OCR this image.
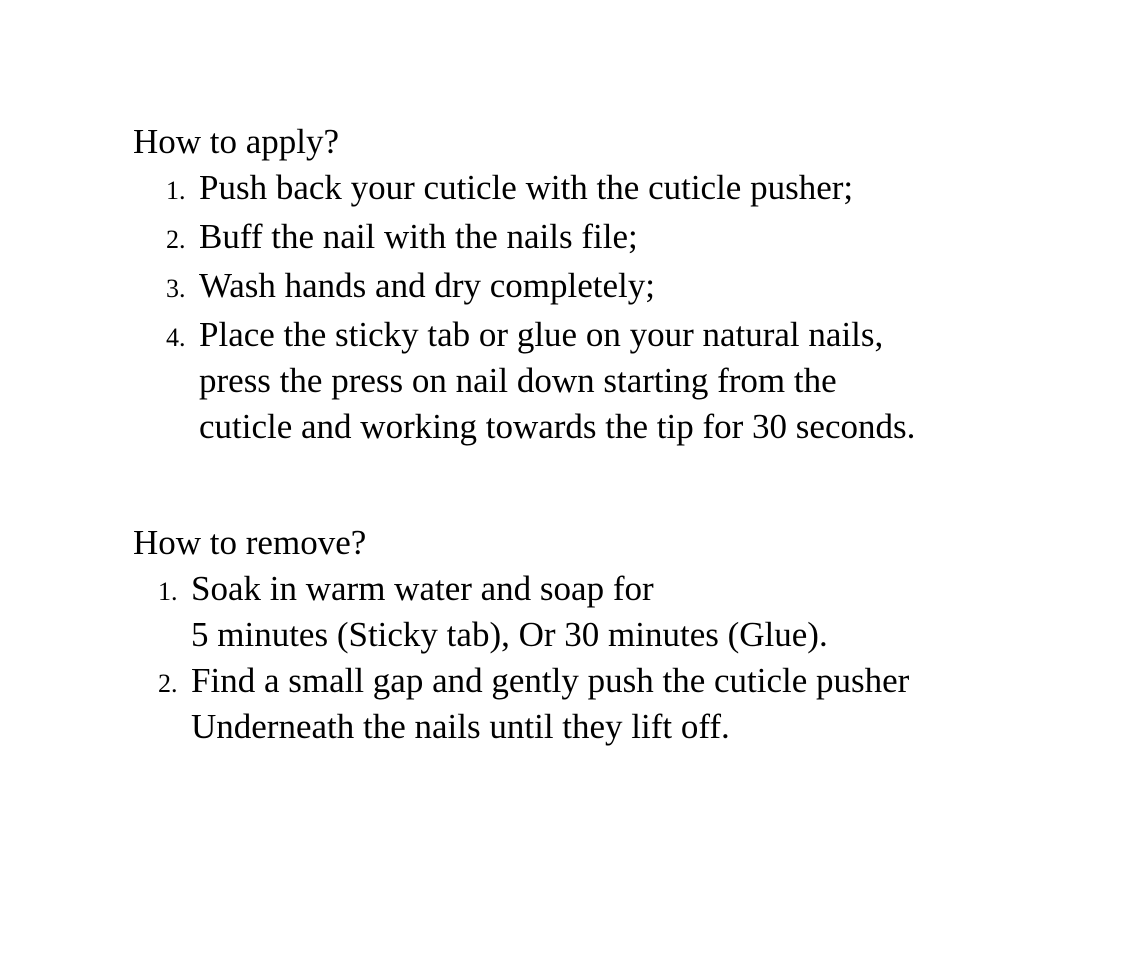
How to apply?
1. Push back your cuticle with the cuticle pusher;
2. Buff the nail with the nails file;
3. Wash hands and dry completely;
4. Place the sticky tab or glue on your natural nails,
press the press on nail down starting from the
cuticle and working towards the tip for 30 seconds.
How to remove?
1. Soak in warm water and soap for
5 minutes (Sticky tab), Or 30 minutes (Glue).
2. Find a small gap and gently push the cuticle pusher
Underneath the nails until they lift off.
